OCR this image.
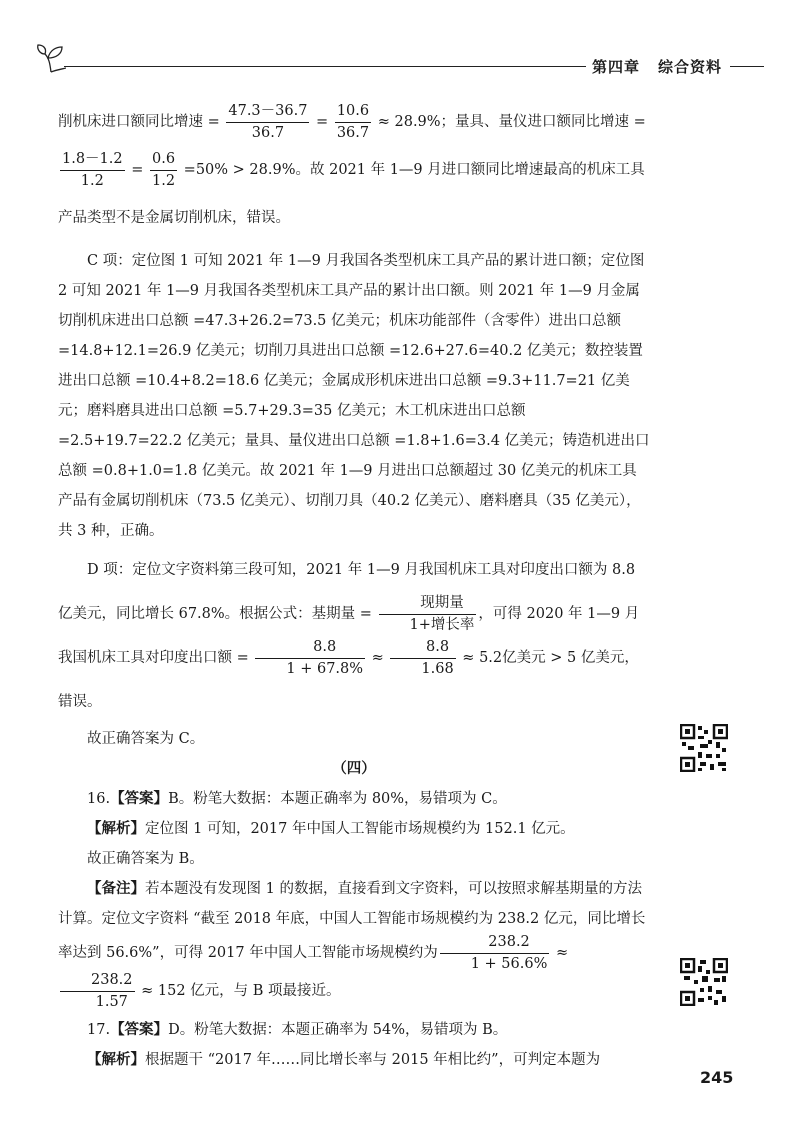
第四章 综合资料

削机床进口额同比增速 = $\frac{47.3-36.7}{36.7} = \frac{10.6}{36.7} \approx 28.9\%$；量具、量仪进口额同比增速 =

$\frac{1.8-1.2}{1.2} = \frac{0.6}{1.2} =50\% > 28.9\%$。故 2021 年 1—9 月进口额同比增速最高的机床工具产品类型不是金属切削机床，错误。

C 项：定位图 1 可知 2021 年 1—9 月我国各类型机床工具产品的累计进口额；定位图 2 可知 2021 年 1—9 月我国各类型机床工具产品的累计出口额。则 2021 年 1—9 月金属切削机床进出口总额 =47.3+26.2=73.5 亿美元；机床功能部件（含零件）进出口总额 =14.8+12.1=26.9 亿美元；切削刀具进出口总额 =12.6+27.6=40.2 亿美元；数控装置进出口总额 =10.4+8.2=18.6 亿美元；金属成形机床进出口总额 =9.3+11.7=21 亿美元；磨料磨具进出口总额 =5.7+29.3=35 亿美元；木工机床进出口总额 =2.5+19.7=22.2 亿美元；量具、量仪进出口总额 =1.8+1.6=3.4 亿美元；铸造机进出口总额 =0.8+1.0=1.8 亿美元。故 2021 年 1—9 月进出口总额超过 30 亿美元的机床工具产品有金属切削机床（73.5 亿美元）、切削刀具（40.2 亿美元）、磨料磨具（35 亿美元），共 3 种，正确。

D 项：定位文字资料第三段可知，2021 年 1—9 月我国机床工具对印度出口额为 8.8 亿美元，同比增长 67.8%。根据公式：基期量 = $\frac{\text{现期量}}{\text{1+增长率}}$ ，可得 2020 年 1—9 月我国机床工具对印度出口额 = $\frac{8.8}{1 + 67.8\%} \approx \frac{8.8}{1.68} \approx 5.2$亿美元 > 5 亿美元，错误。

故正确答案为 C。

（四）

16.【答案】B。粉笔大数据：本题正确率为 80%，易错项为 C。

【解析】定位图 1 可知，2017 年中国人工智能市场规模约为 152.1 亿元。

故正确答案为 B。

【备注】若本题没有发现图 1 的数据，直接看到文字资料，可以按照求解基期量的方法计算。定位文字资料 “截至 2018 年底，中国人工智能市场规模约为 238.2 亿元，同比增长率达到 56.6%”，可得 2017 年中国人工智能市场规模约为 $\frac{238.2}{1 + 56.6\%}$ ≈
$\frac{238.2}{1.57} \approx 152$ 亿元，与 B 项最接近。

17.【答案】D。粉笔大数据：本题正确率为 54%，易错项为 B。

【解析】根据题干 “2017 年……同比增长率与 2015 年相比约”，可判定本题为

245
